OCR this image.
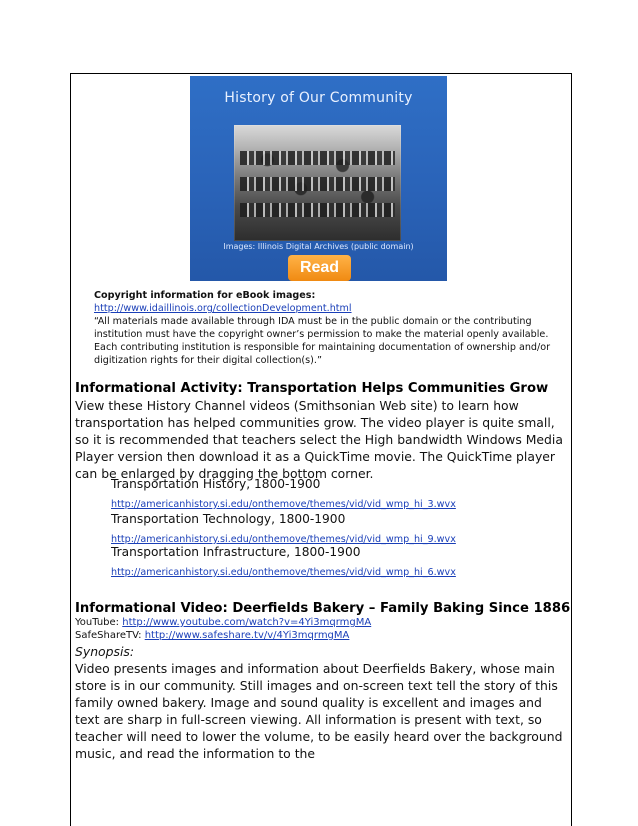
History of Our Community
Images: Illinois Digital Archives (public domain)
Read
Copyright information for eBook images: http://www.idaillinois.org/collectionDevelopment.html
“All materials made available through IDA must be in the public domain or the contributing institution must have the copyright owner’s permission to make the material openly available. Each contributing institution is responsible for maintaining documentation of ownership and/or digitization rights for their digital collection(s).”
Informational Activity: Transportation Helps Communities Grow
View these History Channel videos (Smithsonian Web site) to learn how transportation has helped communities grow. The video player is quite small, so it is recommended that teachers select the High bandwidth Windows Media Player version then download it as a QuickTime movie. The QuickTime player can be enlarged by dragging the bottom corner.
Transportation History, 1800-1900
http://americanhistory.si.edu/onthemove/themes/vid/vid_wmp_hi_3.wvx
Transportation Technology, 1800-1900
http://americanhistory.si.edu/onthemove/themes/vid/vid_wmp_hi_9.wvx
Transportation Infrastructure, 1800-1900
http://americanhistory.si.edu/onthemove/themes/vid/vid_wmp_hi_6.wvx
Informational Video: Deerfields Bakery – Family Baking Since 1886
YouTube: http://www.youtube.com/watch?v=4Yi3mqrmgMA
SafeShareTV: http://www.safeshare.tv/v/4Yi3mqrmgMA
Synopsis:
Video presents images and information about Deerfields Bakery, whose main store is in our community. Still images and on-screen text tell the story of this family owned bakery. Image and sound quality is excellent and images and text are sharp in full-screen viewing. All information is present with text, so teacher will need to lower the volume, to be easily heard over the background music, and read the information to the
